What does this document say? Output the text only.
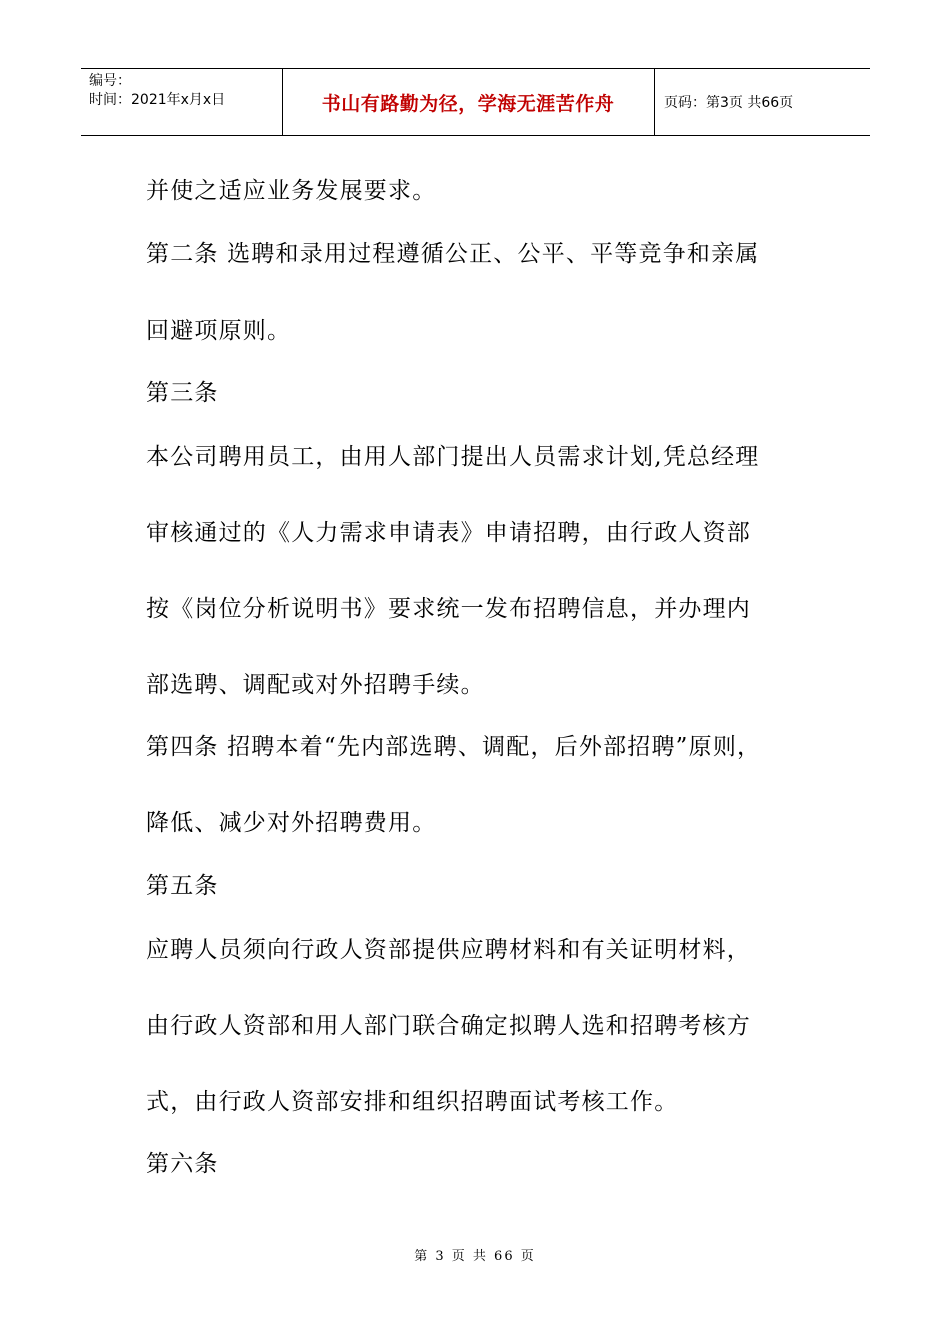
编号：
时间：2021年x月x日	书山有路勤为径，学海无涯苦作舟	页码：第3页 共66页
并使之适应业务发展要求。
第二条 选聘和录用过程遵循公正、公平、平等竞争和亲属
回避项原则。
第三条
本公司聘用员工，由用人部门提出人员需求计划,凭总经理
审核通过的《人力需求申请表》申请招聘，由行政人资部
按《岗位分析说明书》要求统一发布招聘信息，并办理内
部选聘、调配或对外招聘手续。
第四条 招聘本着“先内部选聘、调配，后外部招聘”原则，
降低、减少对外招聘费用。
第五条
应聘人员须向行政人资部提供应聘材料和有关证明材料，
由行政人资部和用人部门联合确定拟聘人选和招聘考核方
式，由行政人资部安排和组织招聘面试考核工作。
第六条
第 3 页 共 66 页
